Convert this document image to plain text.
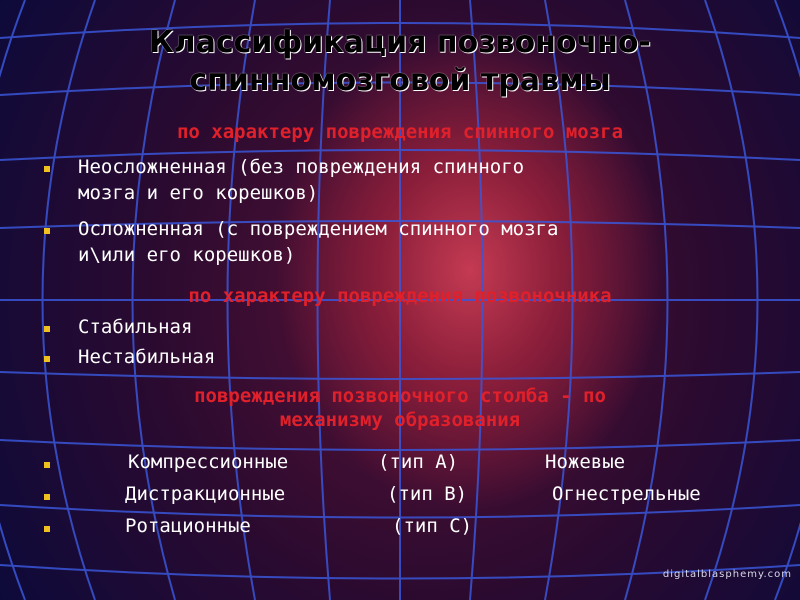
Классификация позвоночно-
спинномозговой травмы
по характеру повреждения спинного мозга
Неосложненная (без повреждения спинного
мозга и его корешков)
Осложненная (с повреждением спинного мозга
и\или его корешков)
по характеру повреждения позвоночника
Стабильная
Нестабильная
повреждения позвоночного столба - по
механизму образования
Компрессионные	(тип А)	Ножевые
Дистракционные	(тип В)	Огнестрельные
Ротационные	(тип С)
digitalblasphemy.com
